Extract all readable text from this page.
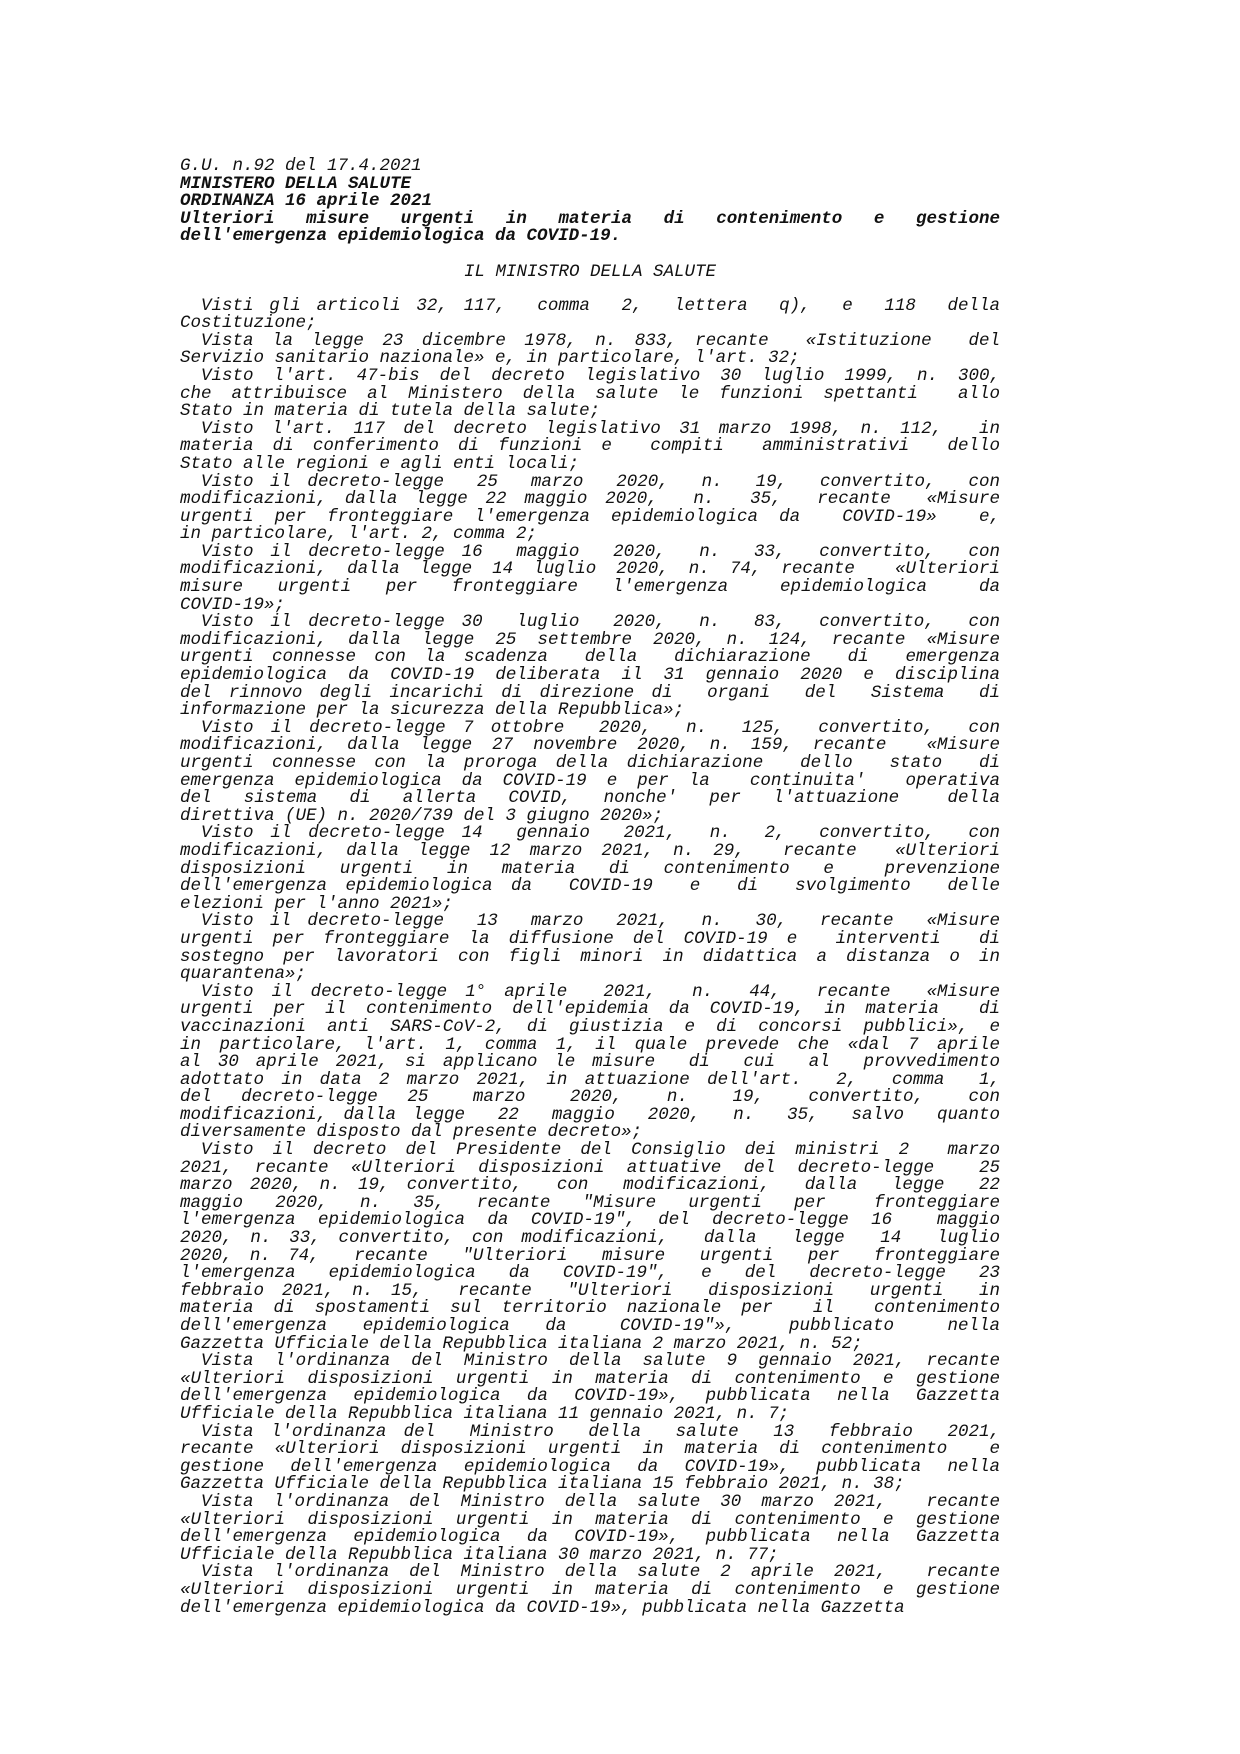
G.U. n.92 del 17.4.2021
MINISTERO DELLA SALUTE
ORDINANZA 16 aprile 2021
Ulteriori misure urgenti in materia di contenimento e gestione
dell'emergenza epidemiologica da COVID-19.
IL MINISTRO DELLA SALUTE
Visti gli articoli 32, 117,  comma  2,  lettera  q),  e  118  della
Costituzione;
Vista la legge 23 dicembre 1978, n. 833, recante  «Istituzione  del
Servizio sanitario nazionale» e, in particolare, l'art. 32;
Visto l'art. 47-bis del decreto legislativo 30 luglio 1999, n. 300,
che attribuisce al Ministero della salute le funzioni spettanti  allo
Stato in materia di tutela della salute;
Visto l'art. 117 del decreto legislativo 31 marzo 1998, n. 112,  in
materia di conferimento di funzioni e  compiti  amministrativi  dello
Stato alle regioni e agli enti locali;
Visto il decreto-legge  25  marzo  2020,  n.  19,  convertito,  con
modificazioni, dalla legge 22 maggio 2020,  n.  35,  recante  «Misure
urgenti per fronteggiare l'emergenza epidemiologica da  COVID-19»  e,
in particolare, l'art. 2, comma 2;
Visto il decreto-legge 16  maggio  2020,  n.  33,  convertito,  con
modificazioni, dalla legge 14 luglio 2020, n. 74, recante  «Ulteriori
misure  urgenti  per  fronteggiare  l'emergenza   epidemiologica   da
COVID-19»;
Visto il decreto-legge 30  luglio  2020,  n.  83,  convertito,  con
modificazioni, dalla legge 25 settembre 2020, n. 124, recante «Misure
urgenti connesse con la scadenza  della  dichiarazione  di  emergenza
epidemiologica da COVID-19 deliberata il 31 gennaio 2020 e disciplina
del rinnovo degli incarichi di direzione di  organi  del  Sistema  di
informazione per la sicurezza della Repubblica»;
Visto il decreto-legge 7 ottobre  2020,  n.  125,  convertito,  con
modificazioni, dalla legge 27 novembre 2020, n. 159, recante  «Misure
urgenti connesse con la proroga della dichiarazione  dello  stato  di
emergenza epidemiologica da COVID-19 e per la  continuita'  operativa
del  sistema  di  allerta  COVID,  nonche'  per  l'attuazione   della
direttiva (UE) n. 2020/739 del 3 giugno 2020»;
Visto il decreto-legge 14  gennaio  2021,  n.  2,  convertito,  con
modificazioni, dalla legge 12 marzo 2021, n. 29,  recante  «Ulteriori
disposizioni  urgenti  in  materia  di  contenimento  e   prevenzione
dell'emergenza epidemiologica da  COVID-19  e  di  svolgimento  delle
elezioni per l'anno 2021»;
Visto il decreto-legge  13  marzo  2021,  n.  30,  recante  «Misure
urgenti per fronteggiare la diffusione del COVID-19 e  interventi  di
sostegno per lavoratori con figli minori in didattica a distanza o in
quarantena»;
Visto il decreto-legge 1° aprile  2021,  n.  44,  recante  «Misure
urgenti per il contenimento dell'epidemia da COVID-19, in materia  di
vaccinazioni anti SARS-CoV-2, di giustizia e di concorsi pubblici», e
in particolare, l'art. 1, comma 1, il quale prevede che «dal 7 aprile
al 30 aprile 2021, si applicano le misure  di  cui  al  provvedimento
adottato in data 2 marzo 2021, in attuazione dell'art.  2,  comma  1,
del  decreto-legge  25   marzo   2020,   n.   19,   convertito,   con
modificazioni, dalla legge  22  maggio  2020,  n.  35,  salvo  quanto
diversamente disposto dal presente decreto»;
Visto il decreto del Presidente del Consiglio dei ministri 2  marzo
2021, recante «Ulteriori disposizioni attuative del decreto-legge  25
marzo 2020, n. 19, convertito,  con  modificazioni,  dalla  legge  22
maggio  2020,  n.  35,  recante  "Misure  urgenti  per   fronteggiare
l'emergenza epidemiologica da COVID-19", del decreto-legge 16  maggio
2020, n. 33, convertito, con modificazioni,  dalla  legge  14  luglio
2020, n. 74,  recante  "Ulteriori  misure  urgenti  per  fronteggiare
l'emergenza  epidemiologica  da  COVID-19",  e  del  decreto-legge  23
febbraio 2021, n. 15,  recante  "Ulteriori  disposizioni  urgenti  in
materia di spostamenti sul territorio nazionale per  il  contenimento
dell'emergenza  epidemiologica  da   COVID-19"»,   pubblicato   nella
Gazzetta Ufficiale della Repubblica italiana 2 marzo 2021, n. 52;
Vista l'ordinanza del Ministro della salute 9 gennaio 2021, recante
«Ulteriori disposizioni urgenti in materia di contenimento e gestione
dell'emergenza epidemiologica da COVID-19», pubblicata nella Gazzetta
Ufficiale della Repubblica italiana 11 gennaio 2021, n. 7;
Vista l'ordinanza del  Ministro  della  salute  13  febbraio  2021,
recante «Ulteriori disposizioni urgenti in materia di contenimento  e
gestione dell'emergenza epidemiologica da COVID-19», pubblicata nella
Gazzetta Ufficiale della Repubblica italiana 15 febbraio 2021, n. 38;
Vista l'ordinanza del Ministro della salute 30 marzo 2021,  recante
«Ulteriori disposizioni urgenti in materia di contenimento e gestione
dell'emergenza epidemiologica da COVID-19», pubblicata nella Gazzetta
Ufficiale della Repubblica italiana 30 marzo 2021, n. 77;
Vista l'ordinanza del Ministro della salute 2 aprile 2021,  recante
«Ulteriori disposizioni urgenti in materia di contenimento e gestione
dell'emergenza epidemiologica da COVID-19», pubblicata nella Gazzetta
